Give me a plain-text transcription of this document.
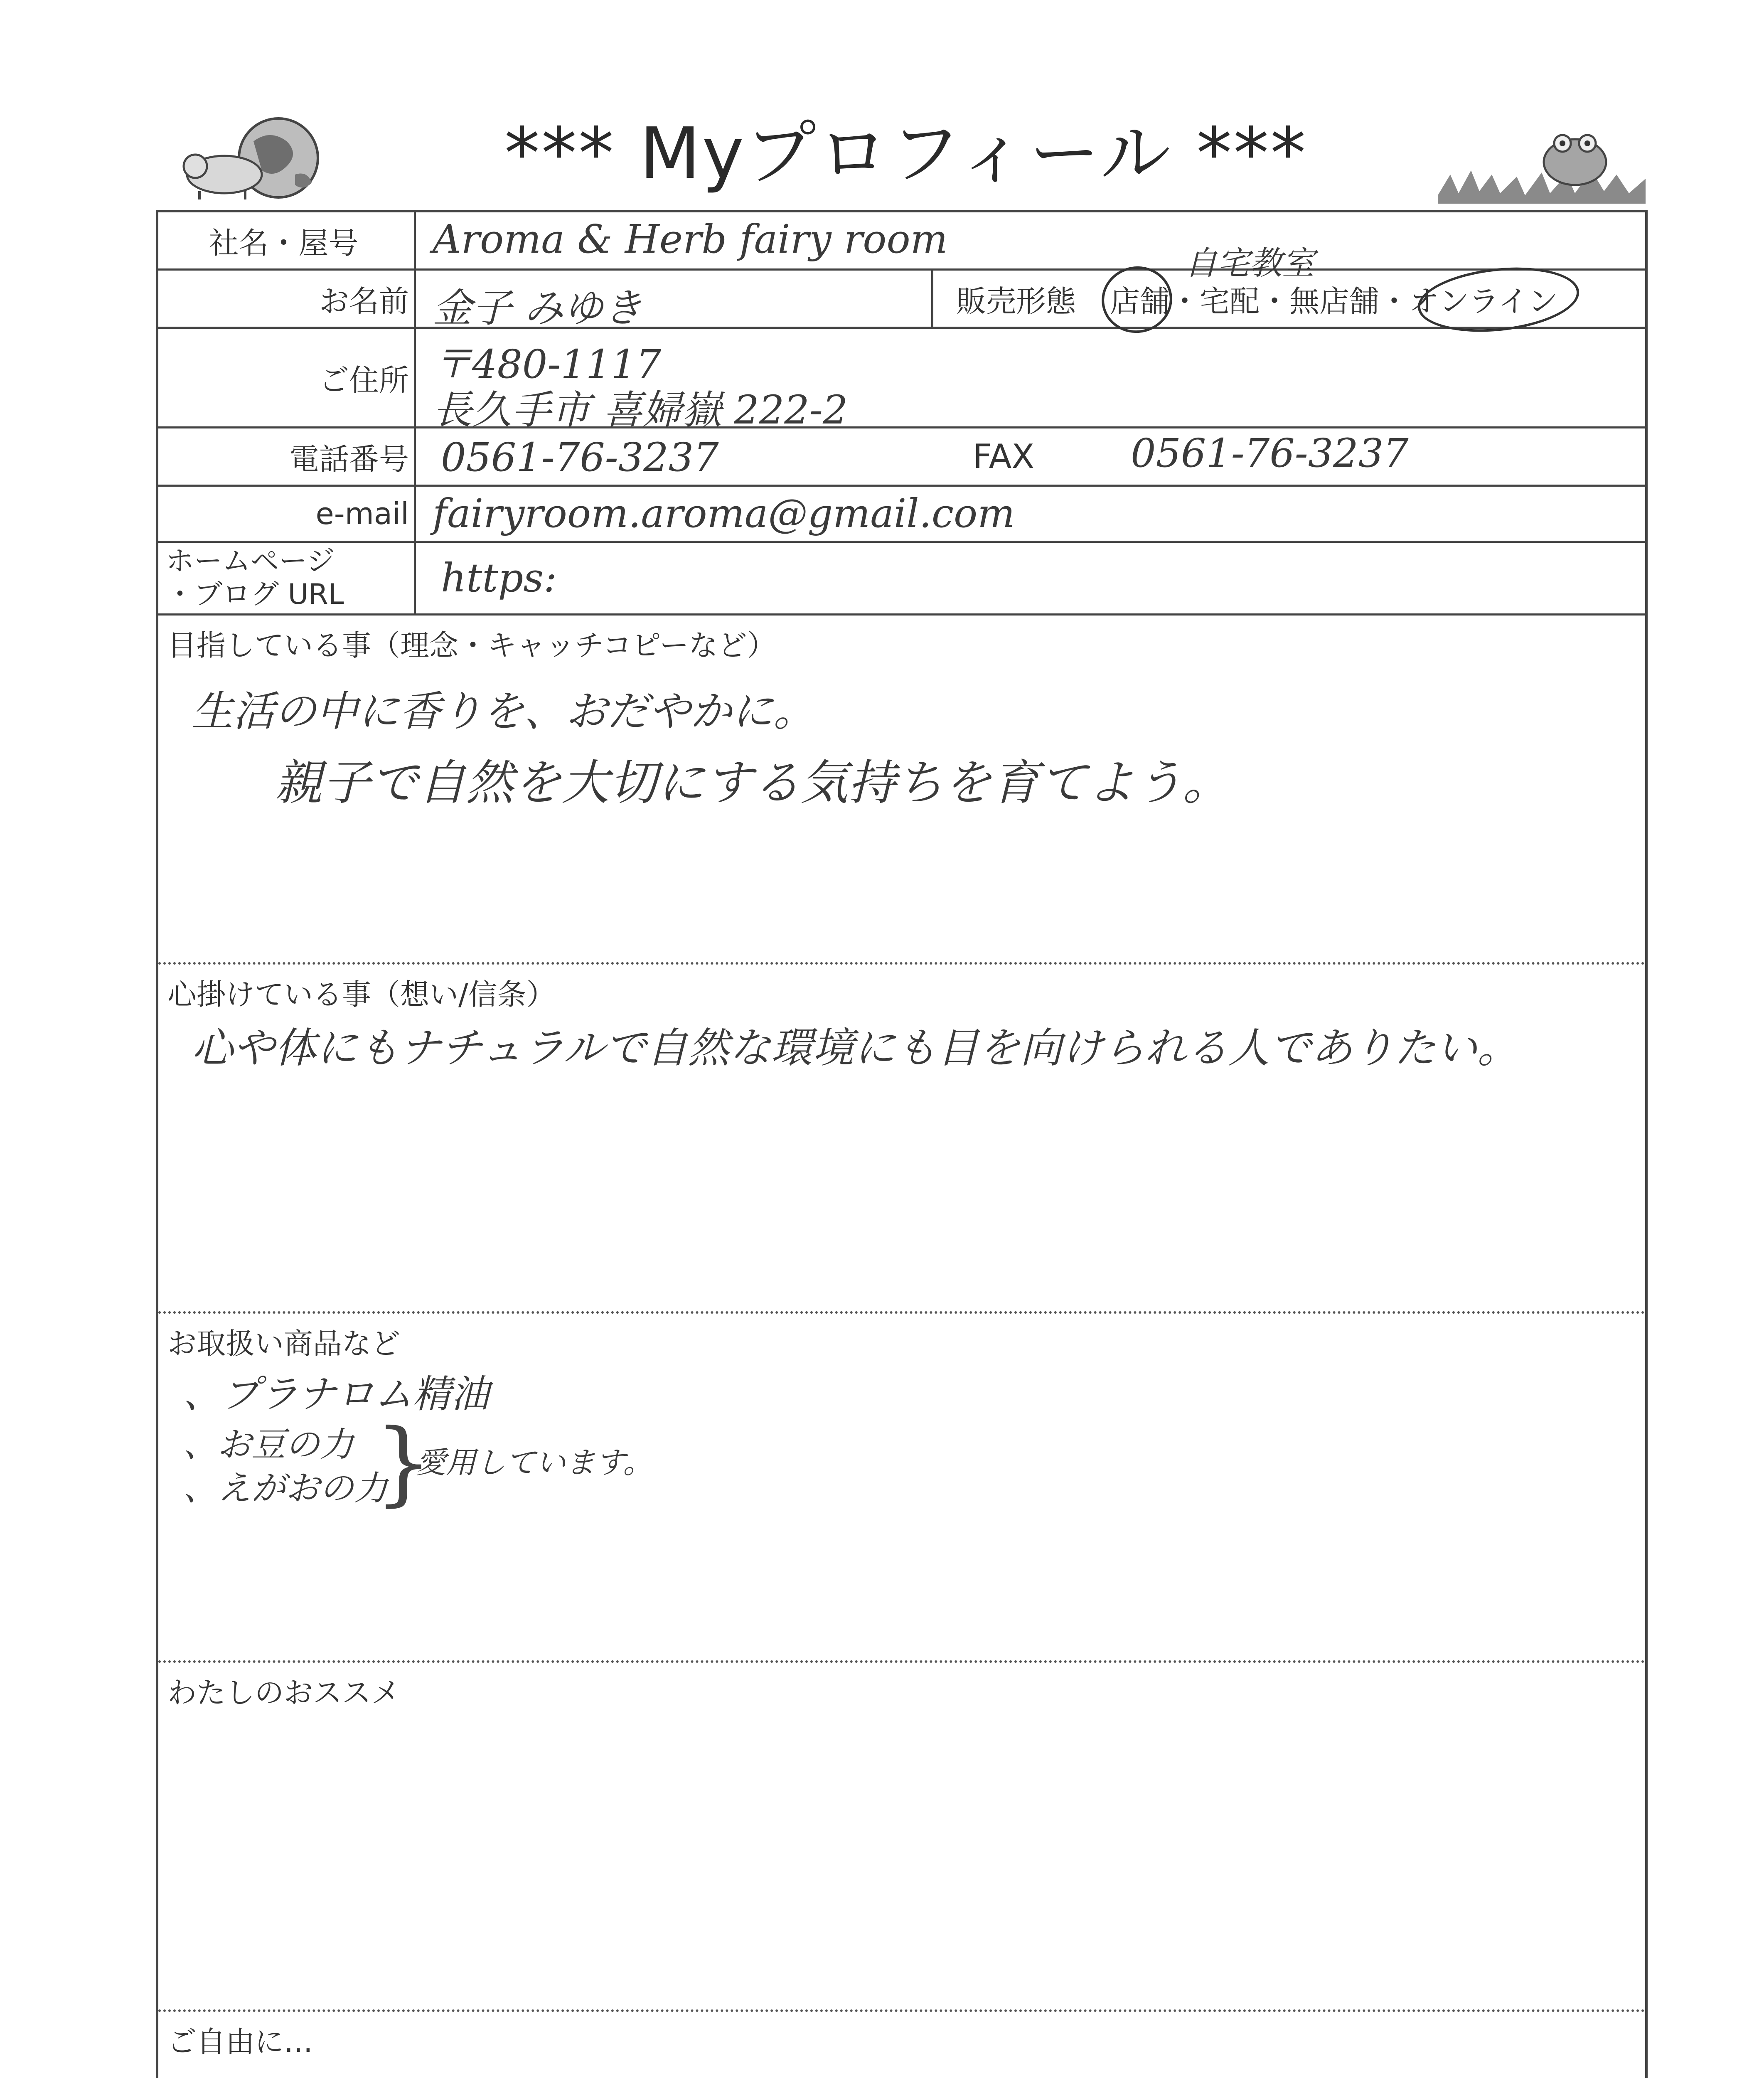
*** Myプロフィール ***
社名・屋号	Aroma & Herb fairy room
自宅教室
お名前 金子 みゆき	販売形態 店舗・宅配・無店舗・オンライン
ご住所 〒480-1117
長久手市 喜婦嶽 222-2
電話番号 0561-76-3237	FAX 0561-76-3237
e-mail fairyroom.aroma@gmail.com
ホームページ
・ブログ URL https:
目指している事（理念・キャッチコピーなど）
生活の中に香りを、おだやかに。
親子で自然を大切にする気持ちを育てよう。
心掛けている事（想い/信条）
心や体にもナチュラルで自然な環境にも目を向けられる人でありたい。
お取扱い商品など
、プラナロム精油
、お豆の力
、えがおの力
}
愛用しています。
わたしのおススメ
ご自由に…
